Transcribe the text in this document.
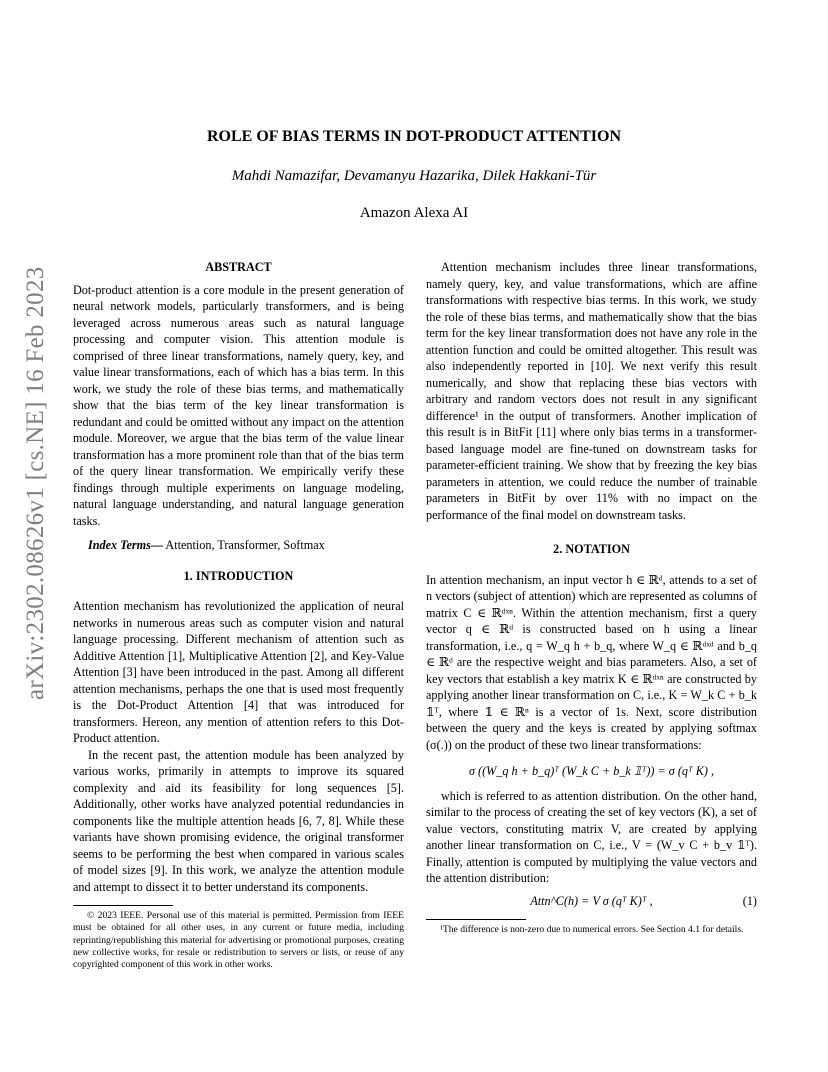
arXiv:2302.08626v1 [cs.NE] 16 Feb 2023
ROLE OF BIAS TERMS IN DOT-PRODUCT ATTENTION
Mahdi Namazifar, Devamanyu Hazarika, Dilek Hakkani-Tür
Amazon Alexa AI
ABSTRACT

Dot-product attention is a core module in the present generation of neural network models, particularly transformers, and is being leveraged across numerous areas such as natural language processing and computer vision. This attention module is comprised of three linear transformations, namely query, key, and value linear transformations, each of which has a bias term. In this work, we study the role of these bias terms, and mathematically show that the bias term of the key linear transformation is redundant and could be omitted without any impact on the attention module. Moreover, we argue that the bias term of the value linear transformation has a more prominent role than that of the bias term of the query linear transformation. We empirically verify these findings through multiple experiments on language modeling, natural language understanding, and natural language generation tasks.

Index Terms— Attention, Transformer, Softmax

1. INTRODUCTION

Attention mechanism has revolutionized the application of neural networks in numerous areas such as computer vision and natural language processing. Different mechanism of attention such as Additive Attention [1], Multiplicative Attention [2], and Key-Value Attention [3] have been introduced in the past. Among all different attention mechanisms, perhaps the one that is used most frequently is the Dot-Product Attention [4] that was introduced for transformers. Hereon, any mention of attention refers to this Dot-Product attention.

In the recent past, the attention module has been analyzed by various works, primarily in attempts to improve its squared complexity and aid its feasibility for long sequences [5]. Additionally, other works have analyzed potential redundancies in components like the multiple attention heads [6, 7, 8]. While these variants have shown promising evidence, the original transformer seems to be performing the best when compared in various scales of model sizes [9]. In this work, we analyze the attention module and attempt to dissect it to better understand its components.

© 2023 IEEE. Personal use of this material is permitted. Permission from IEEE must be obtained for all other uses, in any current or future media, including reprinting/republishing this material for advertising or promotional purposes, creating new collective works, for resale or redistribution to servers or lists, or reuse of any copyrighted component of this work in other works.

Attention mechanism includes three linear transformations, namely query, key, and value transformations, which are affine transformations with respective bias terms. In this work, we study the role of these bias terms, and mathematically show that the bias term for the key linear transformation does not have any role in the attention function and could be omitted altogether. This result was also independently reported in [10]. We next verify this result numerically, and show that replacing these bias vectors with arbitrary and random vectors does not result in any significant difference¹ in the output of transformers. Another implication of this result is in BitFit [11] where only bias terms in a transformer-based language model are fine-tuned on downstream tasks for parameter-efficient training. We show that by freezing the key bias parameters in attention, we could reduce the number of trainable parameters in BitFit by over 11% with no impact on the performance of the final model on downstream tasks.

2. NOTATION

In attention mechanism, an input vector h ∈ ℝᵈ, attends to a set of n vectors (subject of attention) which are represented as columns of matrix C ∈ ℝᵈˣⁿ. Within the attention mechanism, first a query vector q ∈ ℝᵈ is constructed based on h using a linear transformation, i.e., q = W_q h + b_q, where W_q ∈ ℝᵈˣᵈ and b_q ∈ ℝᵈ are the respective weight and bias parameters. Also, a set of key vectors that establish a key matrix K ∈ ℝᵈˣⁿ are constructed by applying another linear transformation on C, i.e., K = W_k C + b_k 𝟙ᵀ, where 𝟙 ∈ ℝⁿ is a vector of 1s. Next, score distribution between the query and the keys is created by applying softmax (σ(.)) on the product of these two linear transformations:

σ ((W_q h + b_q)ᵀ (W_k C + b_k 𝟙ᵀ)) = σ (qᵀ K) ,

which is referred to as attention distribution. On the other hand, similar to the process of creating the set of key vectors (K), a set of value vectors, constituting matrix V, are created by applying another linear transformation on C, i.e., V = (W_v C + b_v 𝟙ᵀ). Finally, attention is computed by multiplying the value vectors and the attention distribution:

Attn^C(h) = V σ (qᵀ K)ᵀ ,	(1)

¹The difference is non-zero due to numerical errors. See Section 4.1 for details.
